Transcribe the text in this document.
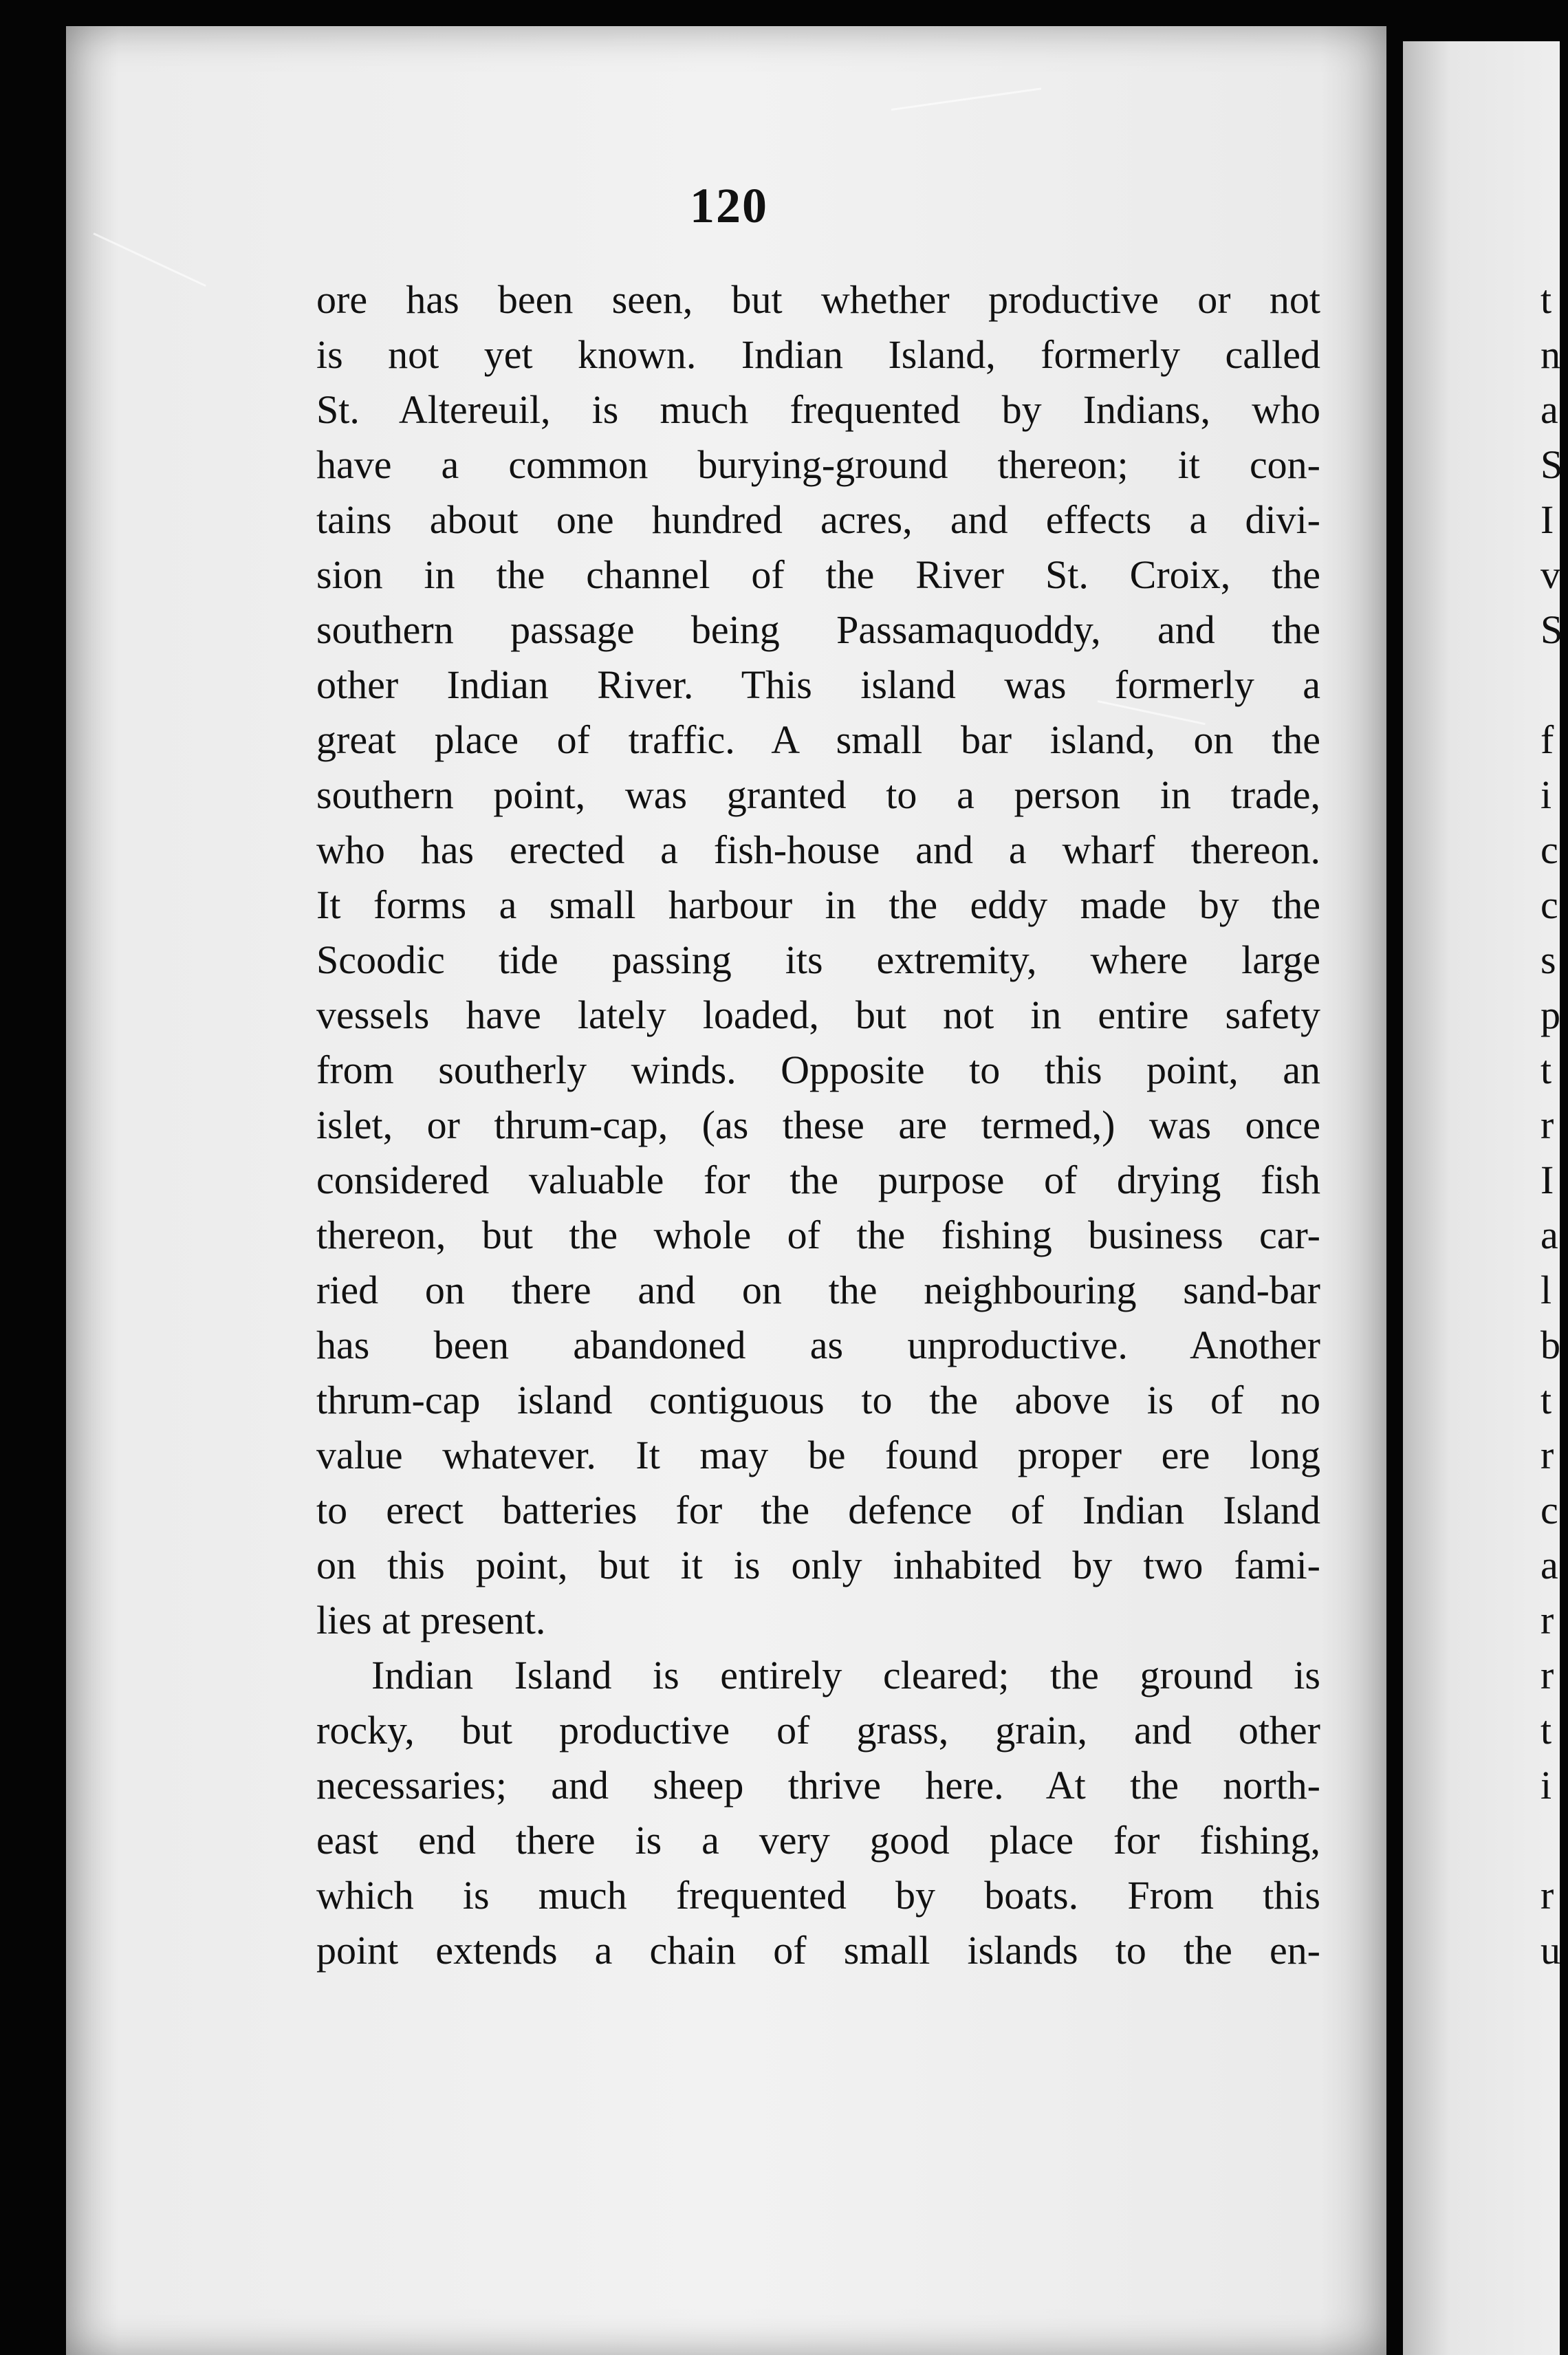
120
ore has been seen, but whether productive or not
is not yet known. Indian Island, formerly called
St. Altereuil, is much frequented by Indians, who
have a common burying-ground thereon; it con-
tains about one hundred acres, and effects a divi-
sion in the channel of the River St. Croix, the
southern passage being Passamaquoddy, and the
other Indian River. This island was formerly a
great place of traffic. A small bar island, on the
southern point, was granted to a person in trade,
who has erected a fish-house and a wharf thereon.
It forms a small harbour in the eddy made by the
Scoodic tide passing its extremity, where large
vessels have lately loaded, but not in entire safety
from southerly winds. Opposite to this point, an
islet, or thrum-cap, (as these are termed,) was once
considered valuable for the purpose of drying fish
thereon, but the whole of the fishing business car-
ried on there and on the neighbouring sand-bar
has been abandoned as unproductive. Another
thrum-cap island contiguous to the above is of no
value whatever. It may be found proper ere long
to erect batteries for the defence of Indian Island
on this point, but it is only inhabited by two fami-
lies at present.
Indian Island is entirely cleared; the ground is
rocky, but productive of grass, grain, and other
necessaries; and sheep thrive here. At the north-
east end there is a very good place for fishing,
which is much frequented by boats. From this
point extends a chain of small islands to the en-
t
n
a
S
I
v
S
f
i
c
c
s
p
t
r
I
a
l
b
t
r
c
a
r
r
t
i
r
u
